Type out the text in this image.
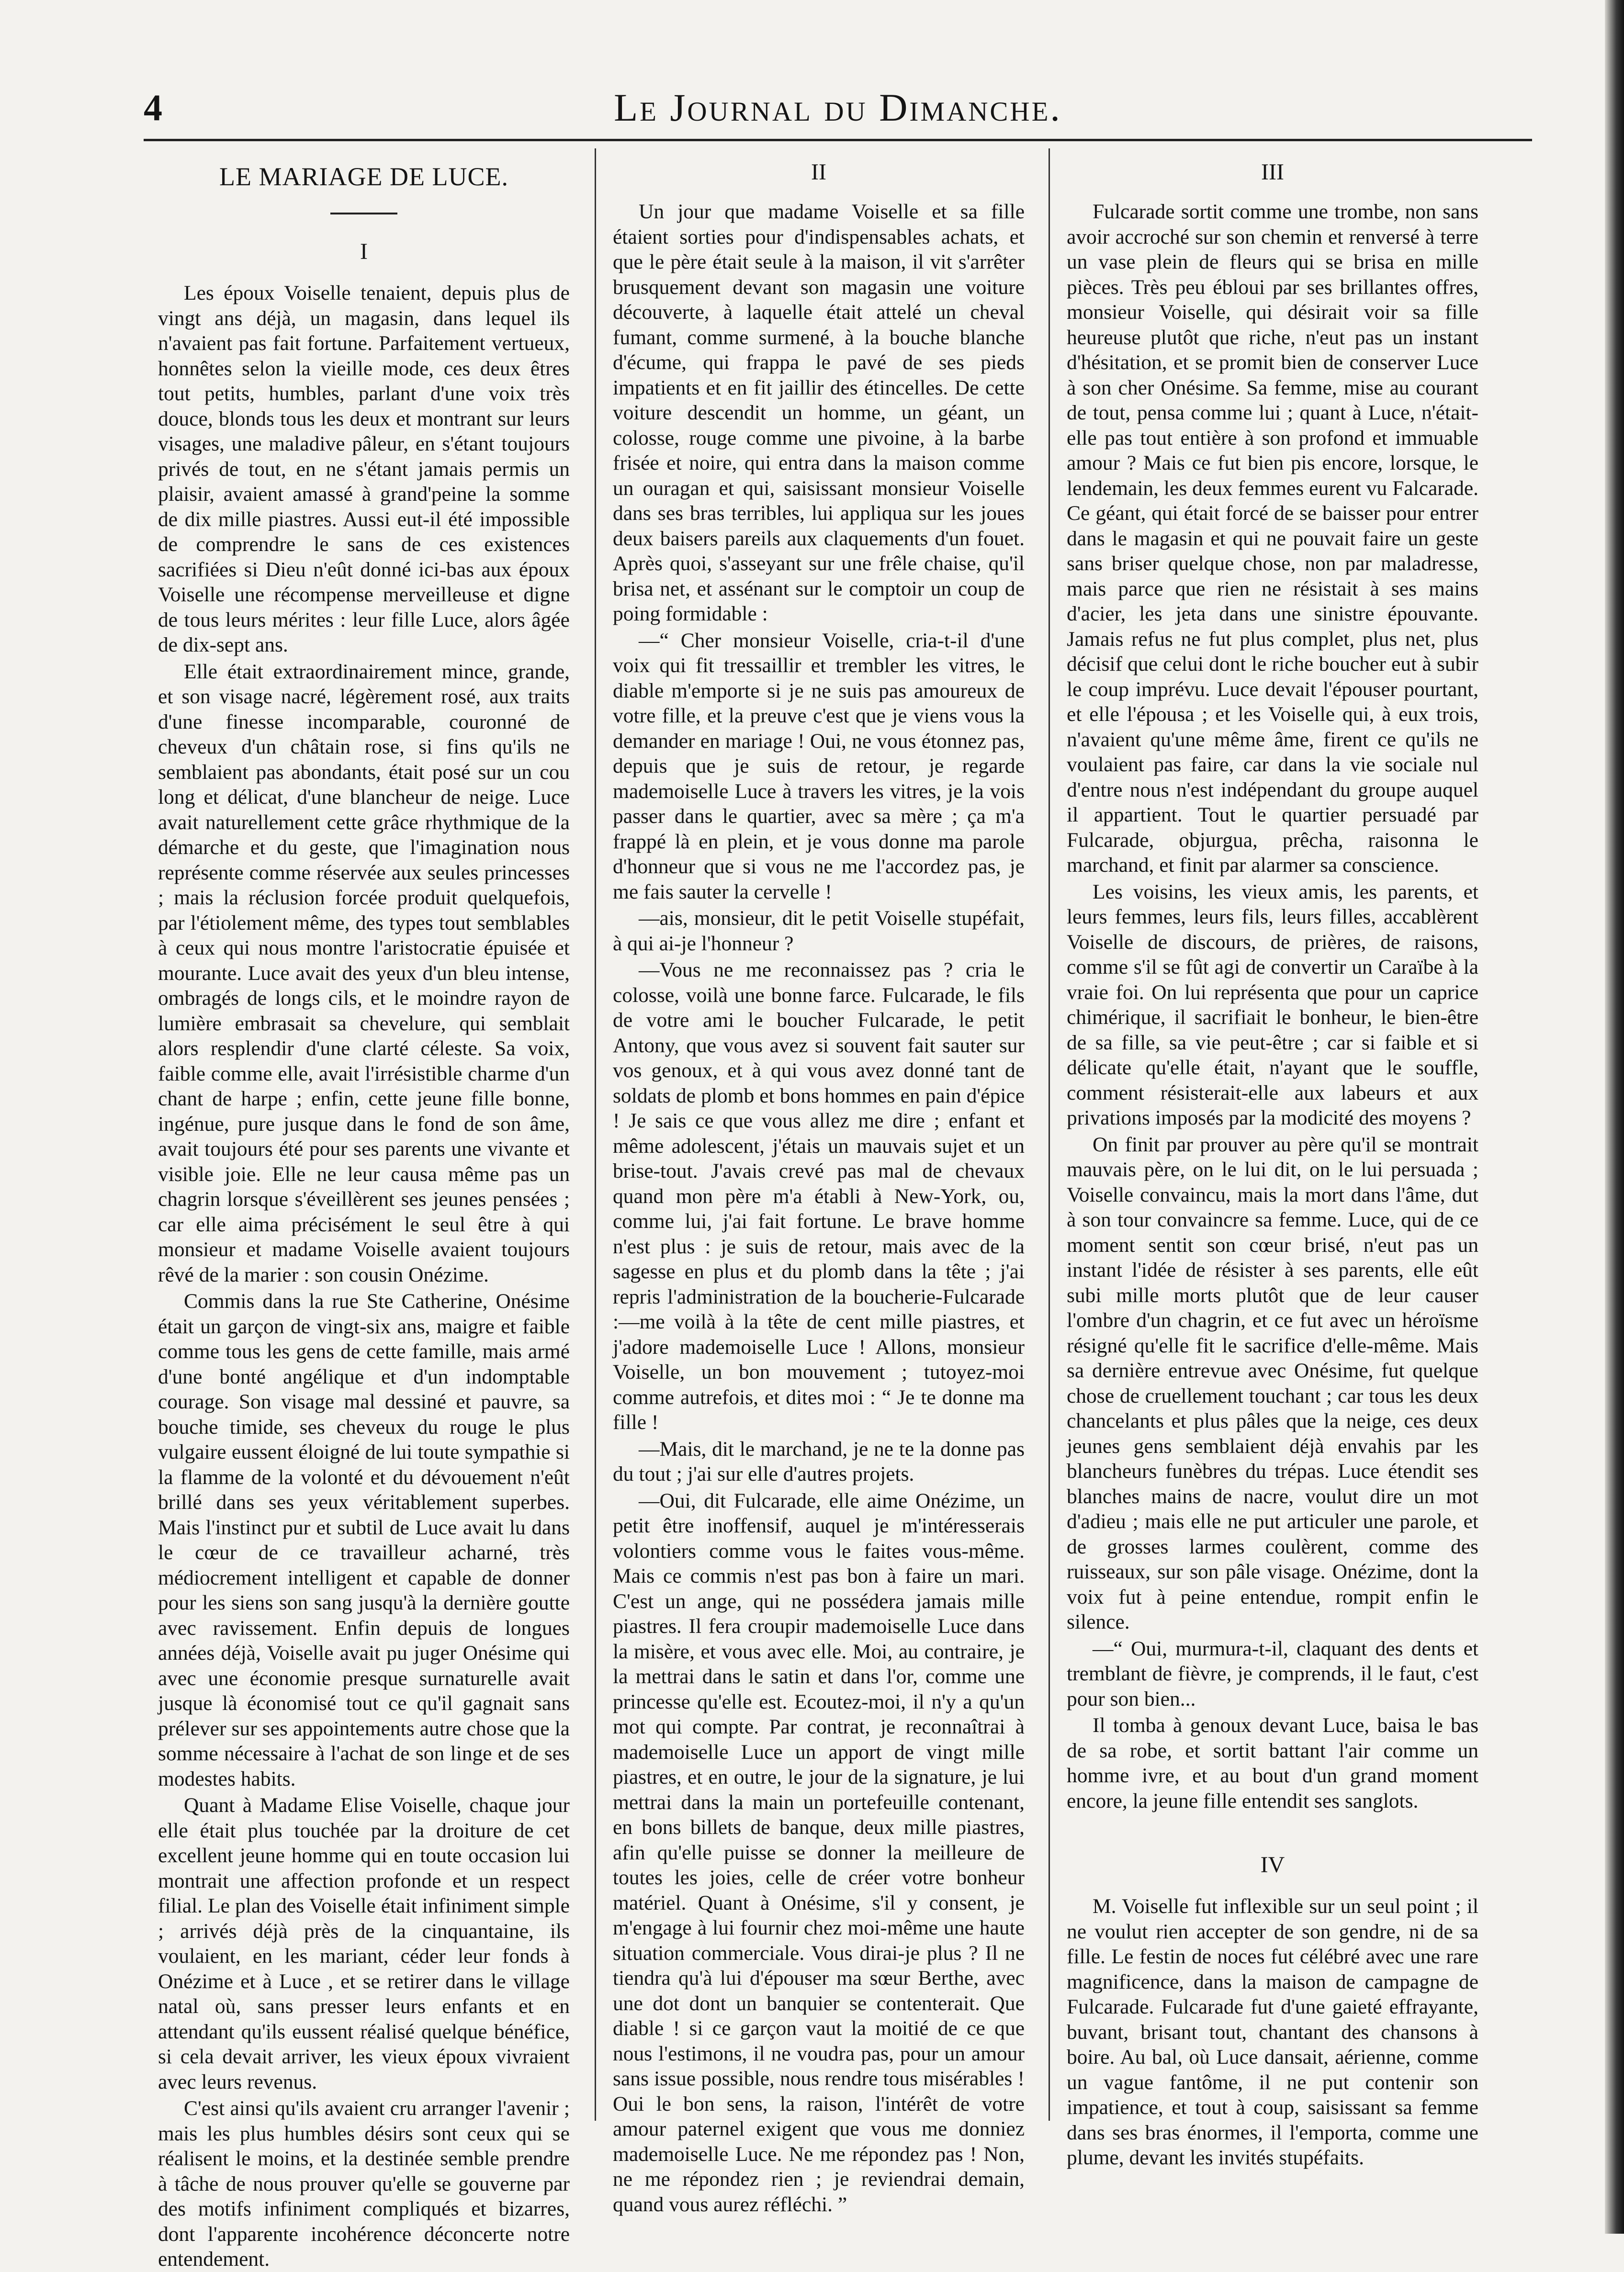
4	Le Journal du Dimanche.
LE MARIAGE DE LUCE.
I

Les époux Voiselle tenaient, depuis plus de vingt ans déjà, un magasin, dans lequel ils n'avaient pas fait fortune. Parfaitement vertueux, honnêtes selon la vieille mode, ces deux êtres tout petits, humbles, parlant d'une voix très douce, blonds tous les deux et montrant sur leurs visages, une maladive pâleur, en s'étant toujours privés de tout, en ne s'étant jamais permis un plaisir, avaient amassé à grand'peine la somme de dix mille piastres. Aussi eut-il été impossible de comprendre le sans de ces existences sacrifiées si Dieu n'eût donné ici-bas aux époux Voiselle une récompense merveilleuse et digne de tous leurs mérites : leur fille Luce, alors âgée de dix-sept ans.

Elle était extraordinairement mince, grande, et son visage nacré, légèrement rosé, aux traits d'une finesse incomparable, couronné de cheveux d'un châtain rose, si fins qu'ils ne semblaient pas abondants, était posé sur un cou long et délicat, d'une blancheur de neige. Luce avait naturellement cette grâce rhythmique de la démarche et du geste, que l'imagination nous représente comme réservée aux seules princesses ; mais la réclusion forcée produit quelquefois, par l'étiolement même, des types tout semblables à ceux qui nous montre l'aristocratie épuisée et mourante. Luce avait des yeux d'un bleu intense, ombragés de longs cils, et le moindre rayon de lumière embrasait sa chevelure, qui semblait alors resplendir d'une clarté céleste. Sa voix, faible comme elle, avait l'irrésistible charme d'un chant de harpe ; enfin, cette jeune fille bonne, ingénue, pure jusque dans le fond de son âme, avait toujours été pour ses parents une vivante et visible joie. Elle ne leur causa même pas un chagrin lorsque s'éveillèrent ses jeunes pensées ; car elle aima précisément le seul être à qui monsieur et madame Voiselle avaient toujours rêvé de la marier : son cousin Onézime.

Commis dans la rue Ste Catherine, Onésime était un garçon de vingt-six ans, maigre et faible comme tous les gens de cette famille, mais armé d'une bonté angélique et d'un indomptable courage. Son visage mal dessiné et pauvre, sa bouche timide, ses cheveux du rouge le plus vulgaire eussent éloigné de lui toute sympathie si la flamme de la volonté et du dévouement n'eût brillé dans ses yeux véritablement superbes. Mais l'instinct pur et subtil de Luce avait lu dans le cœur de ce travailleur acharné, très médiocrement intelligent et capable de donner pour les siens son sang jusqu'à la dernière goutte avec ravissement. Enfin depuis de longues années déjà, Voiselle avait pu juger Onésime qui avec une économie presque surnaturelle avait jusque là économisé tout ce qu'il gagnait sans prélever sur ses appointements autre chose que la somme nécessaire à l'achat de son linge et de ses modestes habits.

Quant à Madame Elise Voiselle, chaque jour elle était plus touchée par la droiture de cet excellent jeune homme qui en toute occasion lui montrait une affection profonde et un respect filial. Le plan des Voiselle était infiniment simple ; arrivés déjà près de la cinquantaine, ils voulaient, en les mariant, céder leur fonds à Onézime et à Luce , et se retirer dans le village natal où, sans presser leurs enfants et en attendant qu'ils eussent réalisé quelque bénéfice, si cela devait arriver, les vieux époux vivraient avec leurs revenus.

C'est ainsi qu'ils avaient cru arranger l'avenir ; mais les plus humbles désirs sont ceux qui se réalisent le moins, et la destinée semble prendre à tâche de nous prouver qu'elle se gouverne par des motifs infiniment compliqués et bizarres, dont l'apparente incohérence déconcerte notre entendement.

II

Un jour que madame Voiselle et sa fille étaient sorties pour d'indispensables achats, et que le père était seule à la maison, il vit s'arrêter brusquement devant son magasin une voiture découverte, à laquelle était attelé un cheval fumant, comme surmené, à la bouche blanche d'écume, qui frappa le pavé de ses pieds impatients et en fit jaillir des étincelles. De cette voiture descendit un homme, un géant, un colosse, rouge comme une pivoine, à la barbe frisée et noire, qui entra dans la maison comme un ouragan et qui, saisissant monsieur Voiselle dans ses bras terribles, lui appliqua sur les joues deux baisers pareils aux claquements d'un fouet. Après quoi, s'asseyant sur une frêle chaise, qu'il brisa net, et assénant sur le comptoir un coup de poing formidable :

—“ Cher monsieur Voiselle, cria-t-il d'une voix qui fit tressaillir et trembler les vitres, le diable m'emporte si je ne suis pas amoureux de votre fille, et la preuve c'est que je viens vous la demander en mariage ! Oui, ne vous étonnez pas, depuis que je suis de retour, je regarde mademoiselle Luce à travers les vitres, je la vois passer dans le quartier, avec sa mère ; ça m'a frappé là en plein, et je vous donne ma parole d'honneur que si vous ne me l'accordez pas, je me fais sauter la cervelle !

—ais, monsieur, dit le petit Voiselle stupéfait, à qui ai-je l'honneur ?

—Vous ne me reconnaissez pas ? cria le colosse, voilà une bonne farce. Fulcarade, le fils de votre ami le boucher Fulcarade, le petit Antony, que vous avez si souvent fait sauter sur vos genoux, et à qui vous avez donné tant de soldats de plomb et bons hommes en pain d'épice ! Je sais ce que vous allez me dire ; enfant et même adolescent, j'étais un mauvais sujet et un brise-tout. J'avais crevé pas mal de chevaux quand mon père m'a établi à New-York, ou, comme lui, j'ai fait fortune. Le brave homme n'est plus : je suis de retour, mais avec de la sagesse en plus et du plomb dans la tête ; j'ai repris l'administration de la boucherie-Fulcarade :—me voilà à la tête de cent mille piastres, et j'adore mademoiselle Luce ! Allons, monsieur Voiselle, un bon mouvement ; tutoyez-moi comme autrefois, et dites moi : “ Je te donne ma fille !

—Mais, dit le marchand, je ne te la donne pas du tout ; j'ai sur elle d'autres projets.

—Oui, dit Fulcarade, elle aime Onézime, un petit être inoffensif, auquel je m'intéresserais volontiers comme vous le faites vous-même. Mais ce commis n'est pas bon à faire un mari. C'est un ange, qui ne possédera jamais mille piastres. Il fera croupir mademoiselle Luce dans la misère, et vous avec elle. Moi, au contraire, je la mettrai dans le satin et dans l'or, comme une princesse qu'elle est. Ecoutez-moi, il n'y a qu'un mot qui compte. Par contrat, je reconnaîtrai à mademoiselle Luce un apport de vingt mille piastres, et en outre, le jour de la signature, je lui mettrai dans la main un portefeuille contenant, en bons billets de banque, deux mille piastres, afin qu'elle puisse se donner la meilleure de toutes les joies, celle de créer votre bonheur matériel. Quant à Onésime, s'il y consent, je m'engage à lui fournir chez moi-même une haute situation commerciale. Vous dirai-je plus ? Il ne tiendra qu'à lui d'épouser ma sœur Berthe, avec une dot dont un banquier se contenterait. Que diable ! si ce garçon vaut la moitié de ce que nous l'estimons, il ne voudra pas, pour un amour sans issue possible, nous rendre tous misérables ! Oui le bon sens, la raison, l'intérêt de votre amour paternel exigent que vous me donniez mademoiselle Luce. Ne me répondez pas ! Non, ne me répondez rien ; je reviendrai demain, quand vous aurez réfléchi. ”

III

Fulcarade sortit comme une trombe, non sans avoir accroché sur son chemin et renversé à terre un vase plein de fleurs qui se brisa en mille pièces. Très peu ébloui par ses brillantes offres, monsieur Voiselle, qui désirait voir sa fille heureuse plutôt que riche, n'eut pas un instant d'hésitation, et se promit bien de conserver Luce à son cher Onésime. Sa femme, mise au courant de tout, pensa comme lui ; quant à Luce, n'était-elle pas tout entière à son profond et immuable amour ? Mais ce fut bien pis encore, lorsque, le lendemain, les deux femmes eurent vu Falcarade. Ce géant, qui était forcé de se baisser pour entrer dans le magasin et qui ne pouvait faire un geste sans briser quelque chose, non par maladresse, mais parce que rien ne résistait à ses mains d'acier, les jeta dans une sinistre épouvante. Jamais refus ne fut plus complet, plus net, plus décisif que celui dont le riche boucher eut à subir le coup imprévu. Luce devait l'épouser pourtant, et elle l'épousa ; et les Voiselle qui, à eux trois, n'avaient qu'une même âme, firent ce qu'ils ne voulaient pas faire, car dans la vie sociale nul d'entre nous n'est indépendant du groupe auquel il appartient. Tout le quartier persuadé par Fulcarade, objurgua, prêcha, raisonna le marchand, et finit par alarmer sa conscience.

Les voisins, les vieux amis, les parents, et leurs femmes, leurs fils, leurs filles, accablèrent Voiselle de discours, de prières, de raisons, comme s'il se fût agi de convertir un Caraïbe à la vraie foi. On lui représenta que pour un caprice chimérique, il sacrifiait le bonheur, le bien-être de sa fille, sa vie peut-être ; car si faible et si délicate qu'elle était, n'ayant que le souffle, comment résisterait-elle aux labeurs et aux privations imposés par la modicité des moyens ?

On finit par prouver au père qu'il se montrait mauvais père, on le lui dit, on le lui persuada ; Voiselle convaincu, mais la mort dans l'âme, dut à son tour convaincre sa femme. Luce, qui de ce moment sentit son cœur brisé, n'eut pas un instant l'idée de résister à ses parents, elle eût subi mille morts plutôt que de leur causer l'ombre d'un chagrin, et ce fut avec un héroïsme résigné qu'elle fit le sacrifice d'elle-même. Mais sa dernière entrevue avec Onésime, fut quelque chose de cruellement touchant ; car tous les deux chancelants et plus pâles que la neige, ces deux jeunes gens semblaient déjà envahis par les blancheurs funèbres du trépas. Luce étendit ses blanches mains de nacre, voulut dire un mot d'adieu ; mais elle ne put articuler une parole, et de grosses larmes coulèrent, comme des ruisseaux, sur son pâle visage. Onézime, dont la voix fut à peine entendue, rompit enfin le silence.

—“ Oui, murmura-t-il, claquant des dents et tremblant de fièvre, je comprends, il le faut, c'est pour son bien...

Il tomba à genoux devant Luce, baisa le bas de sa robe, et sortit battant l'air comme un homme ivre, et au bout d'un grand moment encore, la jeune fille entendit ses sanglots.

IV

M. Voiselle fut inflexible sur un seul point ; il ne voulut rien accepter de son gendre, ni de sa fille. Le festin de noces fut célébré avec une rare magnificence, dans la maison de campagne de Fulcarade. Fulcarade fut d'une gaieté effrayante, buvant, brisant tout, chantant des chansons à boire. Au bal, où Luce dansait, aérienne, comme un vague fantôme, il ne put contenir son impatience, et tout à coup, saisissant sa femme dans ses bras énormes, il l'emporta, comme une plume, devant les invités stupéfaits.
